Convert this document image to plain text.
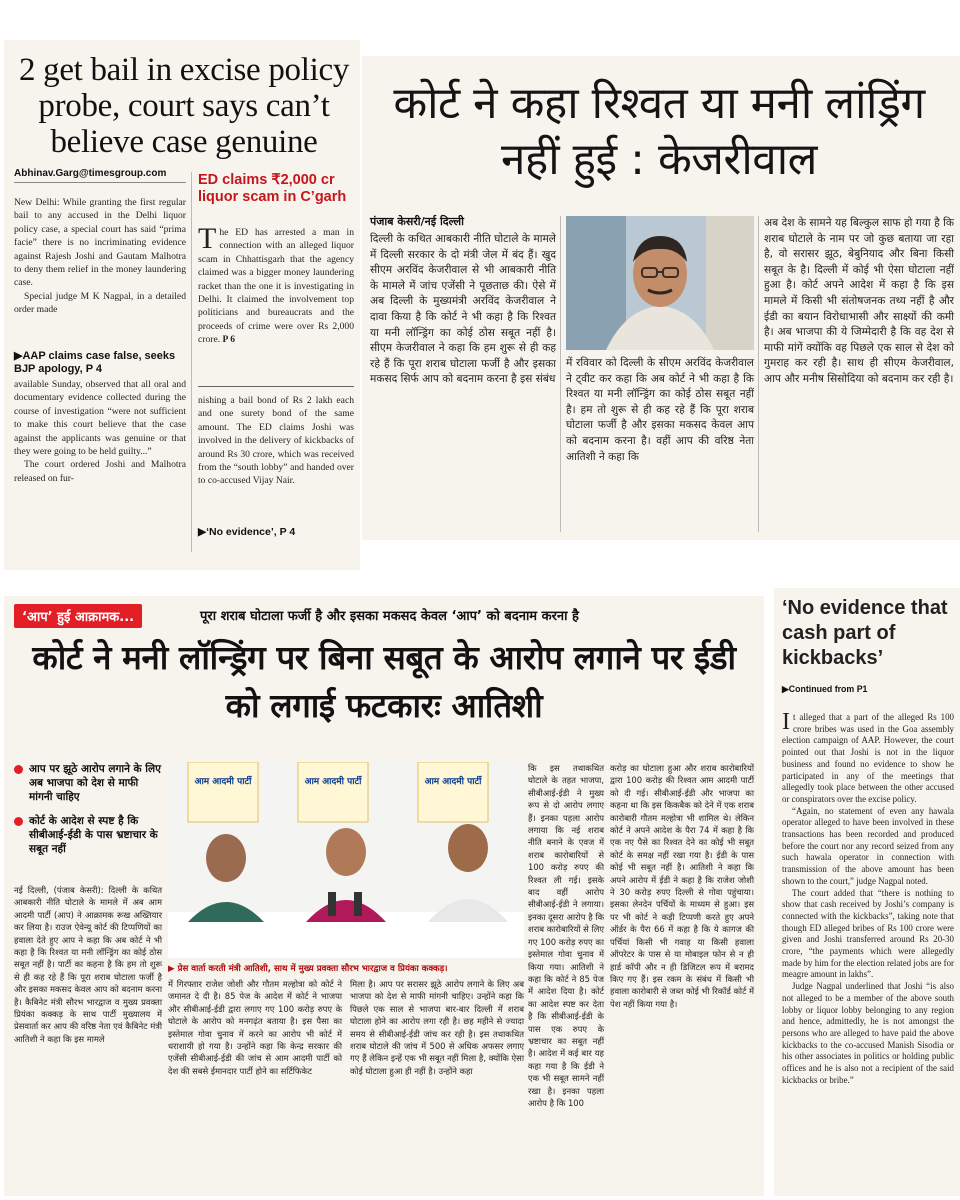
2 get bail in excise policy probe, court says can’t believe case genuine
Abhinav.Garg@timesgroup.com

New Delhi: While granting the first regular bail to any accused in the Delhi liquor policy case, a special court has said “prima facie” there is no incriminating evidence against Rajesh Joshi and Gautam Malhotra to deny them relief in the money laundering case.

Special judge M K Nagpal, in a detailed order made

▶AAP claims case false, seeks BJP apology, P 4

available Sunday, observed that all oral and documentary evidence collected during the course of investigation “were not sufficient to make this court believe that the case against the applicants was genuine or that they were going to be held guilty...”

The court ordered Joshi and Malhotra released on fur-

ED claims ₹2,000 cr liquor scam in C’garh
The ED has arrested a man in connection with an alleged liquor scam in Chhattisgarh that the agency claimed was a bigger money laundering racket than the one it is investigating in Delhi. It claimed the involvement top politicians and bureaucrats and the proceeds of crime were over Rs 2,000 crore. P 6
nishing a bail bond of Rs 2 lakh each and one surety bond of the same amount. The ED claims Joshi was involved in the delivery of kickbacks of around Rs 30 crore, which was received from the “south lobby” and handed over to co-accused Vijay Nair.
▶‘No evidence’, P 4
कोर्ट ने कहा रिश्वत या मनी लांड्रिंग नहीं हुई : केजरीवाल
पंजाब केसरी/नई दिल्ली
दिल्ली के कथित आबकारी नीति घोटाले के मामले में दिल्ली सरकार के दो मंत्री जेल में बंद हैं। खुद सीएम अरविंद केजरीवाल से भी आबकारी नीति के मामले में जांच एजेंसी ने पूछताछ की। ऐसे में अब दिल्ली के मुख्यमंत्री अरविंद केजरीवाल ने दावा किया है कि कोर्ट ने भी कहा है कि रिश्वत या मनी लॉन्ड्रिंग का कोई ठोस सबूत नहीं है। सीएम केजरीवाल ने कहा कि हम शुरू से ही कह रहे हैं कि पूरा शराब घोटाला फर्जी है और इसका मकसद सिर्फ आप को बदनाम करना है इस संबंध
में रविवार को दिल्ली के सीएम अरविंद केजरीवाल ने ट्वीट कर कहा कि अब कोर्ट ने भी कहा है कि रिश्वत या मनी लॉन्ड्रिंग का कोई ठोस सबूत नहीं है। हम तो शुरू से ही कह रहे हैं कि पूरा शराब घोटाला फर्जी है और इसका मकसद केवल आप को बदनाम करना है। वहीं आप की वरिष्ठ नेता आतिशी ने कहा कि
अब देश के सामने यह बिल्कुल साफ हो गया है कि शराब घोटाले के नाम पर जो कुछ बताया जा रहा है, वो सरासर झूठ, बेबुनियाद और बिना किसी सबूत के है। दिल्ली में कोई भी ऐसा घोटाला नहीं हुआ है। कोर्ट अपने आदेश में कहा है कि इस मामले में किसी भी संतोषजनक तथ्य नहीं है और ईडी का बयान विरोधाभासी और साक्ष्यों की कमी है। अब भाजपा की ये जिम्मेदारी है कि वह देश से माफी मांगें क्योंकि वह पिछले एक साल से देश को गुमराह कर रही है। साथ ही सीएम केजरीवाल, आप और मनीष सिसोदिया को बदनाम कर रही है।
‘आप’ हुई आक्रामक...	पूरा शराब घोटाला फर्जी है और इसका मकसद केवल ‘आप’ को बदनाम करना है
कोर्ट ने मनी लॉन्ड्रिंग पर बिना सबूत के आरोप लगाने पर ईडी को लगाई फटकारः आतिशी
आप पर झूठे आरोप लगाने के लिए अब भाजपा को देश से माफी मांगनी चाहिए
कोर्ट के आदेश से स्पष्ट है कि सीबीआई-ईडी के पास भ्रष्टाचार के सबूत नहीं
नई दिल्ली, (पंजाब केसरी): दिल्ली के कथित आबकारी नीति घोटाले के मामले में अब आम आदमी पार्टी (आप) ने आक्रामक रूख अख्तियार कर लिया है। राउज ऐवेन्यू कोर्ट की टिप्पणियों का हवाला देते हुए आप ने कहा कि अब कोर्ट ने भी कहा है कि रिश्वत या मनी लॉन्ड्रिंग का कोई ठोस सबूत नहीं है। पार्टी का कहना है कि हम तो शुरू से ही कह रहे हैं कि पूरा शराब घोटाला फर्जी है और इसका मकसद केवल आप को बदनाम करना है। कैबिनेट मंत्री सौरभ भारद्वाज व मुख्य प्रवक्ता प्रियंका कक्कड़ के साथ पार्टी मुख्यालय में प्रेसवार्ता कर आप की वरिष्ठ नेता एवं कैबिनेट मंत्री आतिशी ने कहा कि इस मामले
आम आदमी पार्टी	आम आदमी पार्टी	आम आदमी पार्टी
▶ प्रेस वार्ता करती मंत्री आतिशी, साथ में मुख्य प्रवक्ता सौरभ भारद्वाज व प्रियंका कक्कड़।
में गिरफ्तार राजेश जोशी और गौतम मल्होत्रा को कोर्ट ने जमानत दे दी है। 85 पेज के आदेश में कोर्ट ने भाजपा और सीबीआई-ईडी द्वारा लगाए गए 100 करोड़ रुपए के घोटाले के आरोप को मनगढ़ंत बताया है। इस पैसा का इस्तेमाल गोवा चुनाव में करने का आरोप भी कोर्ट में धराशायी हो गया है। उन्होंने कहा कि केन्द्र सरकार की एजेंसी सीबीआई-ईडी की जांच से आम आदमी पार्टी को देश की सबसे ईमानदार पार्टी होने का सर्टिफिकेट
मिला है। आप पर सरासर झूठे आरोप लगाने के लिए अब भाजपा को देश से माफी मांगनी चाहिए। उन्होंने कहा कि पिछले एक साल से भाजपा बार-बार दिल्ली में शराब घोटाला होने का आरोप लगा रही है। छह महीने से ज्यादा समय से सीबीआई-ईडी जांच कर रही है। इस तथाकथित शराब घोटाले की जांच में 500 से अधिक अफसर लगाए गए हैं लेकिन इन्हें एक भी सबूत नहीं मिला है, क्योंकि ऐसा कोई घोटाला हुआ ही नहीं है। उन्होंने कहा
कि इस तथाकथित घोटाले के तहत भाजपा, सीबीआई-ईडी ने मुख्य रूप से दो आरोप लगाए हैं। इनका पहला आरोप लगाया कि नई शराब नीति बनाने के एवज में शराब कारोबारियों से 100 करोड़ रुपए की रिश्वत ली गई। इसके बाद वहीं आरोप सीबीआई-ईडी ने लगाया। इनका दूसरा आरोप है कि शराब कारोबारियों से लिए गए 100 करोड़ रुपए का इस्तेमाल गोवा चुनाव में किया गया। आतिशी ने कहा कि कोर्ट ने 85 पेज में आदेश दिया है। कोर्ट का आदेश स्पष्ट कर देता है कि सीबीआई-ईडी के पास एक रुपए के भ्रष्टाचार का सबूत नहीं है। आदेश में कई बार यह कहा गया है कि ईडी ने एक भी सबूत सामने नहीं रखा है। इनका पहला आरोप है कि 100
करोड़ का घोटाला हुआ और शराब कारोबारियों द्वारा 100 करोड़ की रिश्वत आम आदमी पार्टी को दी गई। सीबीआई-ईडी और भाजपा का कहना था कि इस किकबैक को देने में एक शराब कारोबारी गौतम मल्होत्रा भी शामिल थे। लेकिन कोर्ट ने अपने आदेश के पैरा 74 में कहा है कि एक नए पैसे का रिश्वत देने का कोई भी सबूत कोर्ट के समक्ष नहीं रखा गया है। ईडी के पास कोई भी सबूत नहीं है। आतिशी ने कहा कि अपने आरोप में ईडी ने कहा है कि राजेश जोशी ने 30 करोड़ रुपए दिल्ली से गोवा पहुंचाया। इसका लेनदेन पर्चियों के माध्यम से हुआ। इस पर भी कोर्ट ने कड़ी टिप्पणी करते हुए अपने ऑर्डर के पैरा 66 में कहा है कि ये कागज की पर्चियां किसी भी गवाह या किसी हवाला ऑपरेटर के पास से या मोबाइल फोन से न ही हार्ड कॉपी और न ही डिजिटल रूप में बरामद किए गए हैं। इस रकम के संबंध में किसी भी हवाला कारोबारी से जब्त कोई भी रिकॉर्ड कोर्ट में पेश नहीं किया गया है।
‘No evidence that cash part of kickbacks’
▶Continued from P1

It alleged that a part of the alleged Rs 100 crore bribes was used in the Goa assembly election campaign of AAP. However, the court pointed out that Joshi is not in the liquor business and found no evidence to show he participated in any of the meetings that allegedly took place between the other accused or conspirators over the excise policy.

“Again, no statement of even any hawala operator alleged to have been involved in these transactions has been recorded and produced before the court nor any record seized from any such hawala operator in connection with transmission of the above amount has been shown to the court,” judge Nagpal noted.

The court added that “there is nothing to show that cash received by Joshi’s company is connected with the kickbacks”, taking note that though ED alleged bribes of Rs 100 crore were given and Joshi transferred around Rs 20-30 crore, “the payments which were allegedly made by him for the election related jobs are for meagre amount in lakhs”.

Judge Nagpal underlined that Joshi “is also not alleged to be a member of the above south lobby or liquor lobby belonging to any region and hence, admittedly, he is not amongst the persons who are alleged to have paid the above kickbacks to the co-accused Manish Sisodia or his other associates in politics or holding public offices and he is also not a recipient of the said kickbacks or bribe.”
